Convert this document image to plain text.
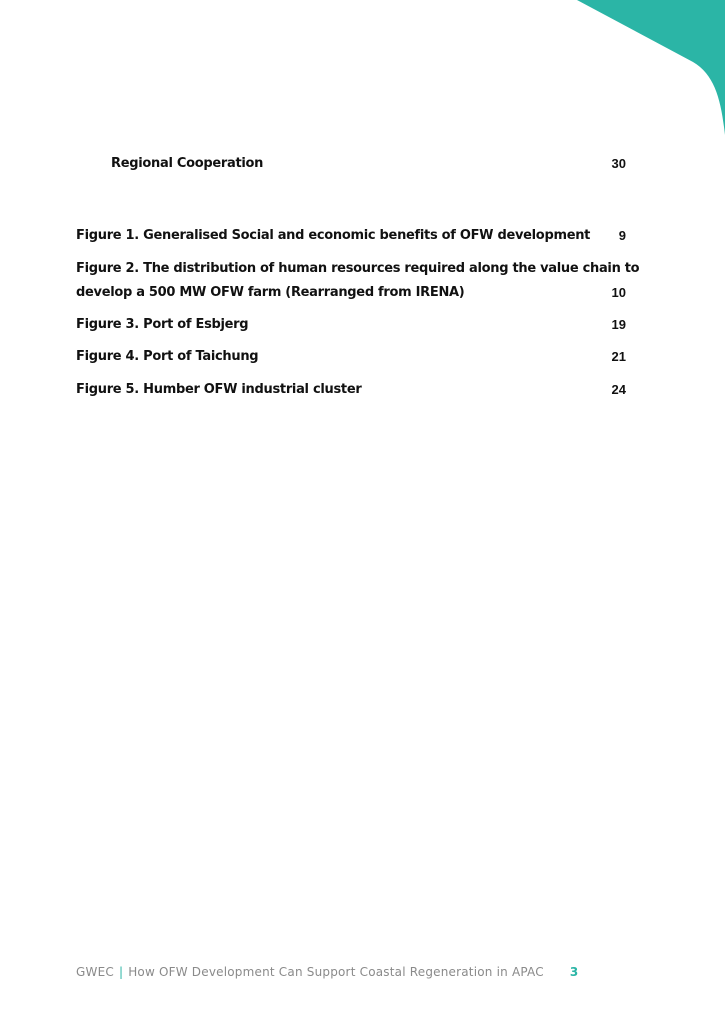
Regional Cooperation	30
Figure 1. Generalised Social and economic benefits of OFW development	9
Figure 2. The distribution of human resources required along the value chain to
develop a 500 MW OFW farm (Rearranged from IRENA)	10
Figure 3. Port of Esbjerg	19
Figure 4. Port of Taichung	21
Figure 5. Humber OFW industrial cluster	24
GWEC | How OFW Development Can Support Coastal Regeneration in APAC 3
